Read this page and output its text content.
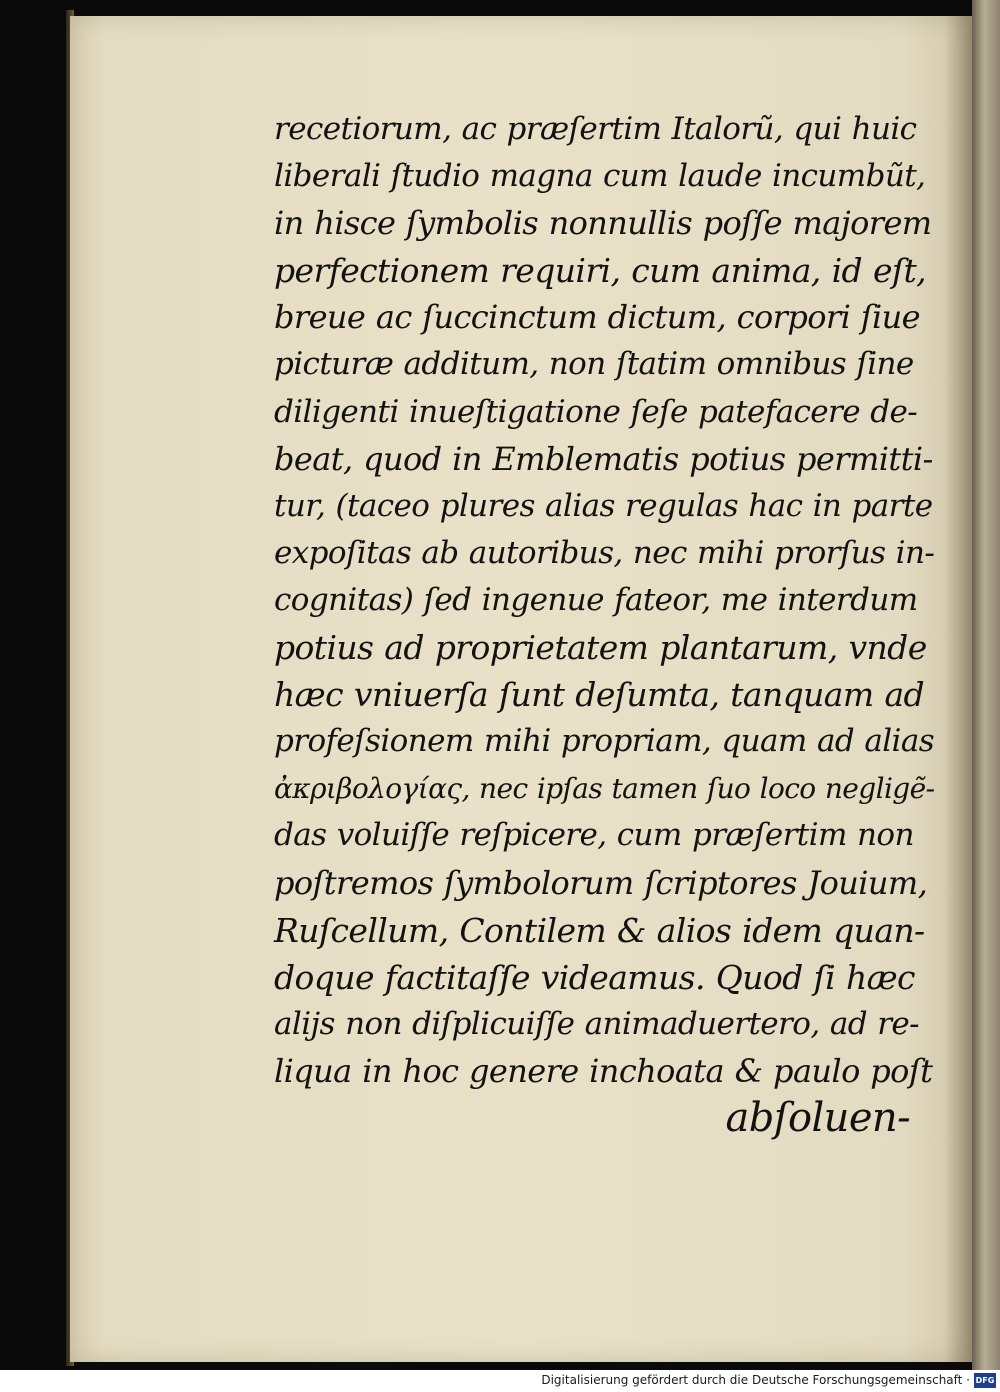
recetiorum, ac præſertim Italorũ, qui huic
liberali ſtudio magna cum laude incumbũt,
in hisce ſymbolis nonnullis poſſe majorem
perfectionem requiri, cum anima, id eſt,
breue ac ſuccinctum dictum, corpori ſiue
picturæ additum, non ſtatim omnibus ſine
diligenti inueſtigatione ſeſe patefacere de-
beat, quod in Emblematis potius permitti-
tur, (taceo plures alias regulas hac in parte
expoſitas ab autoribus, nec mihi prorſus in-
cognitas) ſed ingenue fateor, me interdum
potius ad proprietatem plantarum, vnde
hæc vniuerſa ſunt deſumta, tanquam ad
profeſsionem mihi propriam, quam ad alias
ἀκριβολογίας, nec ipſas tamen ſuo loco negligẽ-
das voluiſſe reſpicere, cum præſertim non
poſtremos ſymbolorum ſcriptores Jouium,
Ruſcellum, Contilem & alios idem quan-
doque factitaſſe videamus. Quod ſi hæc
alijs non diſplicuiſſe animaduertero, ad re-
liqua in hoc genere inchoata & paulo poſt
abſoluen-
Digitalisierung gefördert durch die Deutsche Forschungsgemeinschaft · DFG
